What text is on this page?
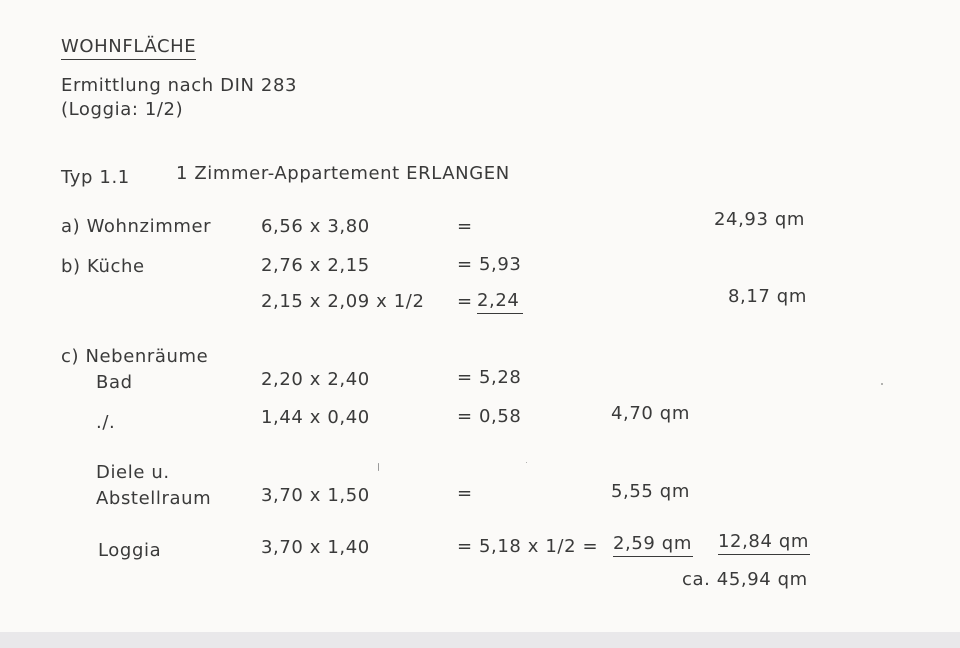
WOHNFLÄCHE
Ermittlung nach DIN 283
(Loggia: 1/2)
Typ 1.1	1 Zimmer-Appartement ERLANGEN
a) Wohnzimmer	6,56 x 3,80	=	24,93 qm
b) Küche	2,76 x 2,15	= 5,93
2,15 x 2,09 x 1/2 = 2,24	8,17 qm
c) Nebenräume
Bad	2,20 x 2,40	= 5,28
./.	1,44 x 0,40	= 0,58	4,70 qm
Diele u.
Abstellraum	3,70 x 1,50	=	5,55 qm
Loggia	3,70 x 1,40	= 5,18 x 1/2 = 2,59 qm 12,84 qm
ca. 45,94 qm
